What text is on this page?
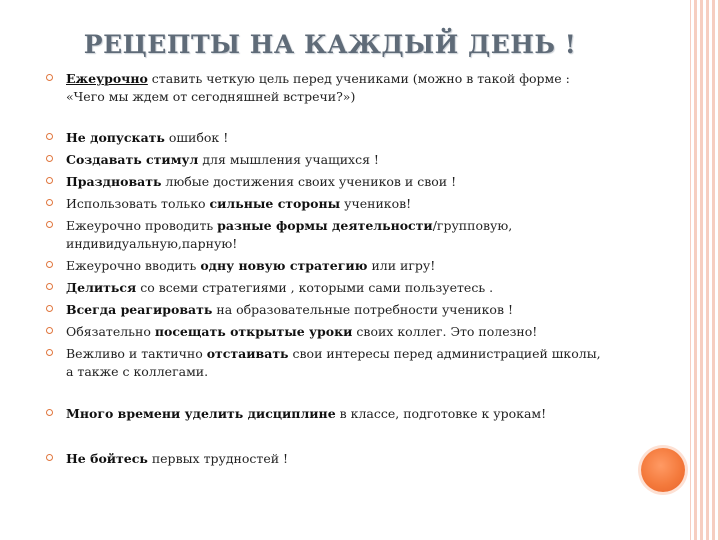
РЕЦЕПТЫ НА КАЖДЫЙ ДЕНЬ !
Ежеурочно ставить четкую цель перед учениками (можно в такой форме : «Чего мы ждем от сегодняшней встречи?»)
Не допускать ошибок !
Создавать стимул для мышления учащихся !
Праздновать любые достижения своих учеников и свои !
Использовать только сильные стороны учеников!
Ежеурочно проводить разные формы деятельности/групповую, индивидуальную,парную!
Ежеурочно вводить одну новую стратегию или игру!
Делиться со всеми стратегиями , которыми сами пользуетесь .
Всегда реагировать на образовательные потребности учеников !
Обязательно посещать открытые уроки своих коллег. Это полезно!
Вежливо и тактично отстаивать свои интересы перед администрацией школы, а также с коллегами.
Много времени уделить дисциплине в классе, подготовке к урокам!
Не бойтесь первых трудностей !
